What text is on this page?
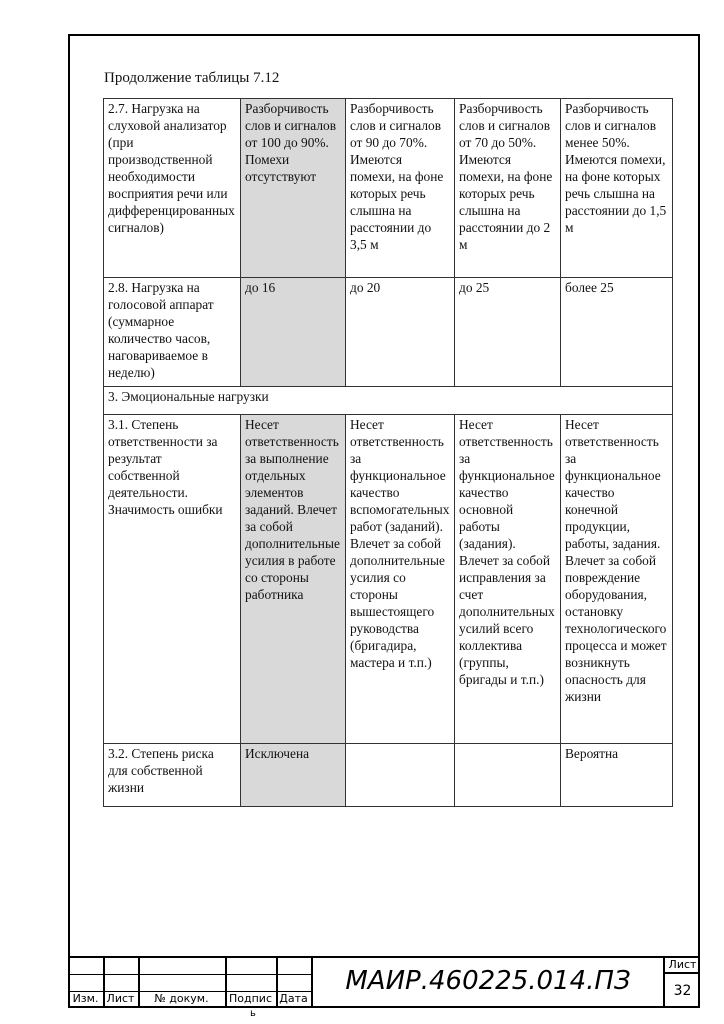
Продолжение таблицы 7.12
2.7. Нагрузка на слуховой анализатор (при производственной необходимости восприятия речи или дифференцированных сигналов)	Разборчивость слов и сигналов от 100 до 90%. Помехи отсутствуют	Разборчивость слов и сигналов от 90 до 70%. Имеются помехи, на фоне которых речь слышна на расстоянии до 3,5 м	Разборчивость слов и сигналов от 70 до 50%. Имеются помехи, на фоне которых речь слышна на расстоянии до 2 м	Разборчивость слов и сигналов менее 50%. Имеются помехи, на фоне которых речь слышна на расстоянии до 1,5 м
2.8. Нагрузка на голосовой аппарат (суммарное количество часов, наговариваемое в неделю)	до 16	до 20	до 25	более 25
3. Эмоциональные нагрузки				
3.1. Степень ответственности за результат собственной деятельности. Значимость ошибки	Несет ответственность за выполнение отдельных элементов заданий. Влечет за собой дополнительные усилия в работе со стороны работника	Несет ответственность за функциональное качество вспомогательных работ (заданий). Влечет за собой дополнительные усилия со стороны вышестоящего руководства (бригадира, мастера и т.п.)	Несет ответственность за функциональное качество основной работы (задания). Влечет за собой исправления за счет дополнительных усилий всего коллектива (группы, бригады и т.п.)	Несет ответственность за функциональное качество конечной продукции, работы, задания. Влечет за собой повреждение оборудования, остановку технологического процесса и может возникнуть опасность для жизни
3.2. Степень риска для собственной жизни	Исключена			Вероятна
Изм. Лист	№ докум.	Подпис Дата
МАИР.460225.014.ПЗ
Лист
32
ь
